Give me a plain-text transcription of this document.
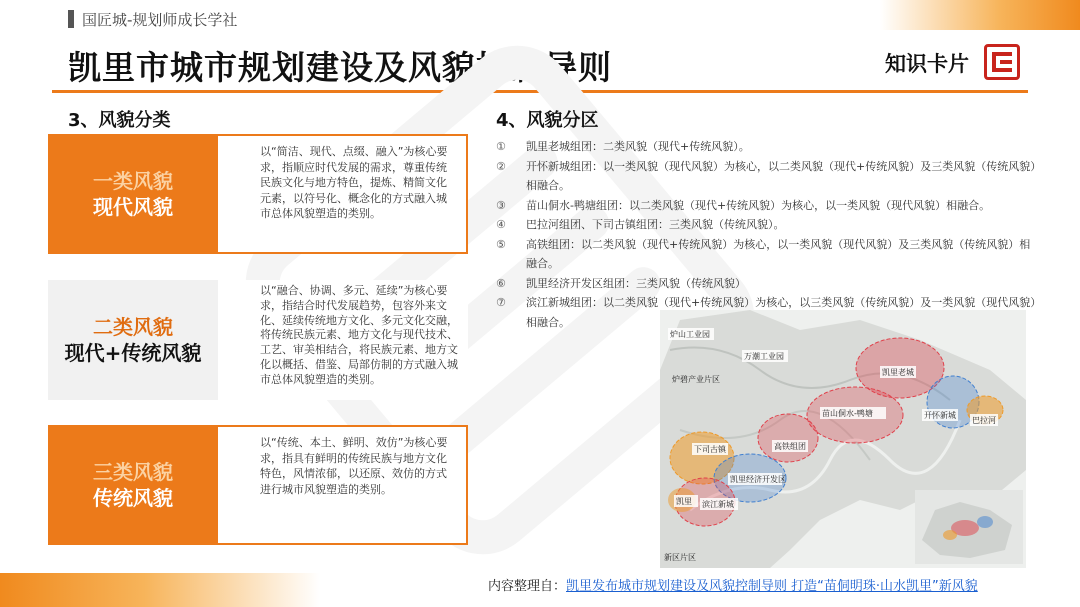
国匠城-规划师成长学社
凯里市城市规划建设及风貌控制导则	知识卡片
3、风貌分类
一类风貌
现代风貌
以“简洁、现代、点缀、融入”为核心要求，指顺应时代发展的需求，尊重传统民族文化与地方特色，提炼、精简文化元素，以符号化、概念化的方式融入城市总体风貌塑造的类别。
二类风貌
现代+传统风貌
以“融合、协调、多元、延续”为核心要求，指结合时代发展趋势，包容外来文化、延续传统地方文化、多元文化交融，将传统民族元素、地方文化与现代技术、工艺、审美相结合，将民族元素、地方文化以概括、借鉴、局部仿制的方式融入城市总体风貌塑造的类别。
三类风貌
传统风貌
以“传统、本土、鲜明、效仿”为核心要求，指具有鲜明的传统民族与地方文化特色，风情浓郁，以还原、效仿的方式进行城市风貌塑造的类别。
4、风貌分区
①	凯里老城组团：二类风貌（现代+传统风貌）。
②	开怀新城组团：以一类风貌（现代风貌）为核心，以二类风貌（现代+传统风貌）及三类风貌（传统风貌）相融合。
③	苗山侗水-鸭塘组团：以二类风貌（现代+传统风貌）为核心，以一类风貌（现代风貌）相融合。
④	巴拉河组团、下司古镇组团：三类风貌（传统风貌）。
⑤	高铁组团：以二类风貌（现代+传统风貌）为核心，以一类风貌（现代风貌）及三类风貌（传统风貌）相融合。
⑥	凯里经济开发区组团：三类风貌（传统风貌）
⑦	滨江新城组团：以二类风貌（现代+传统风貌）为核心，以三类风貌（传统风貌）及一类风貌（现代风貌）相融合。
炉山工业园
万潮工业园
炉碧产业片区
凯里老城
苗山侗水-鸭塘	开怀新城
巴拉河
高铁组团
下司古镇
凯里经济开发区
滨江新城
凯里
新区片区
内容整理自：凯里发布城市规划建设及风貌控制导则 打造“苗侗明珠·山水凯里”新风貌
